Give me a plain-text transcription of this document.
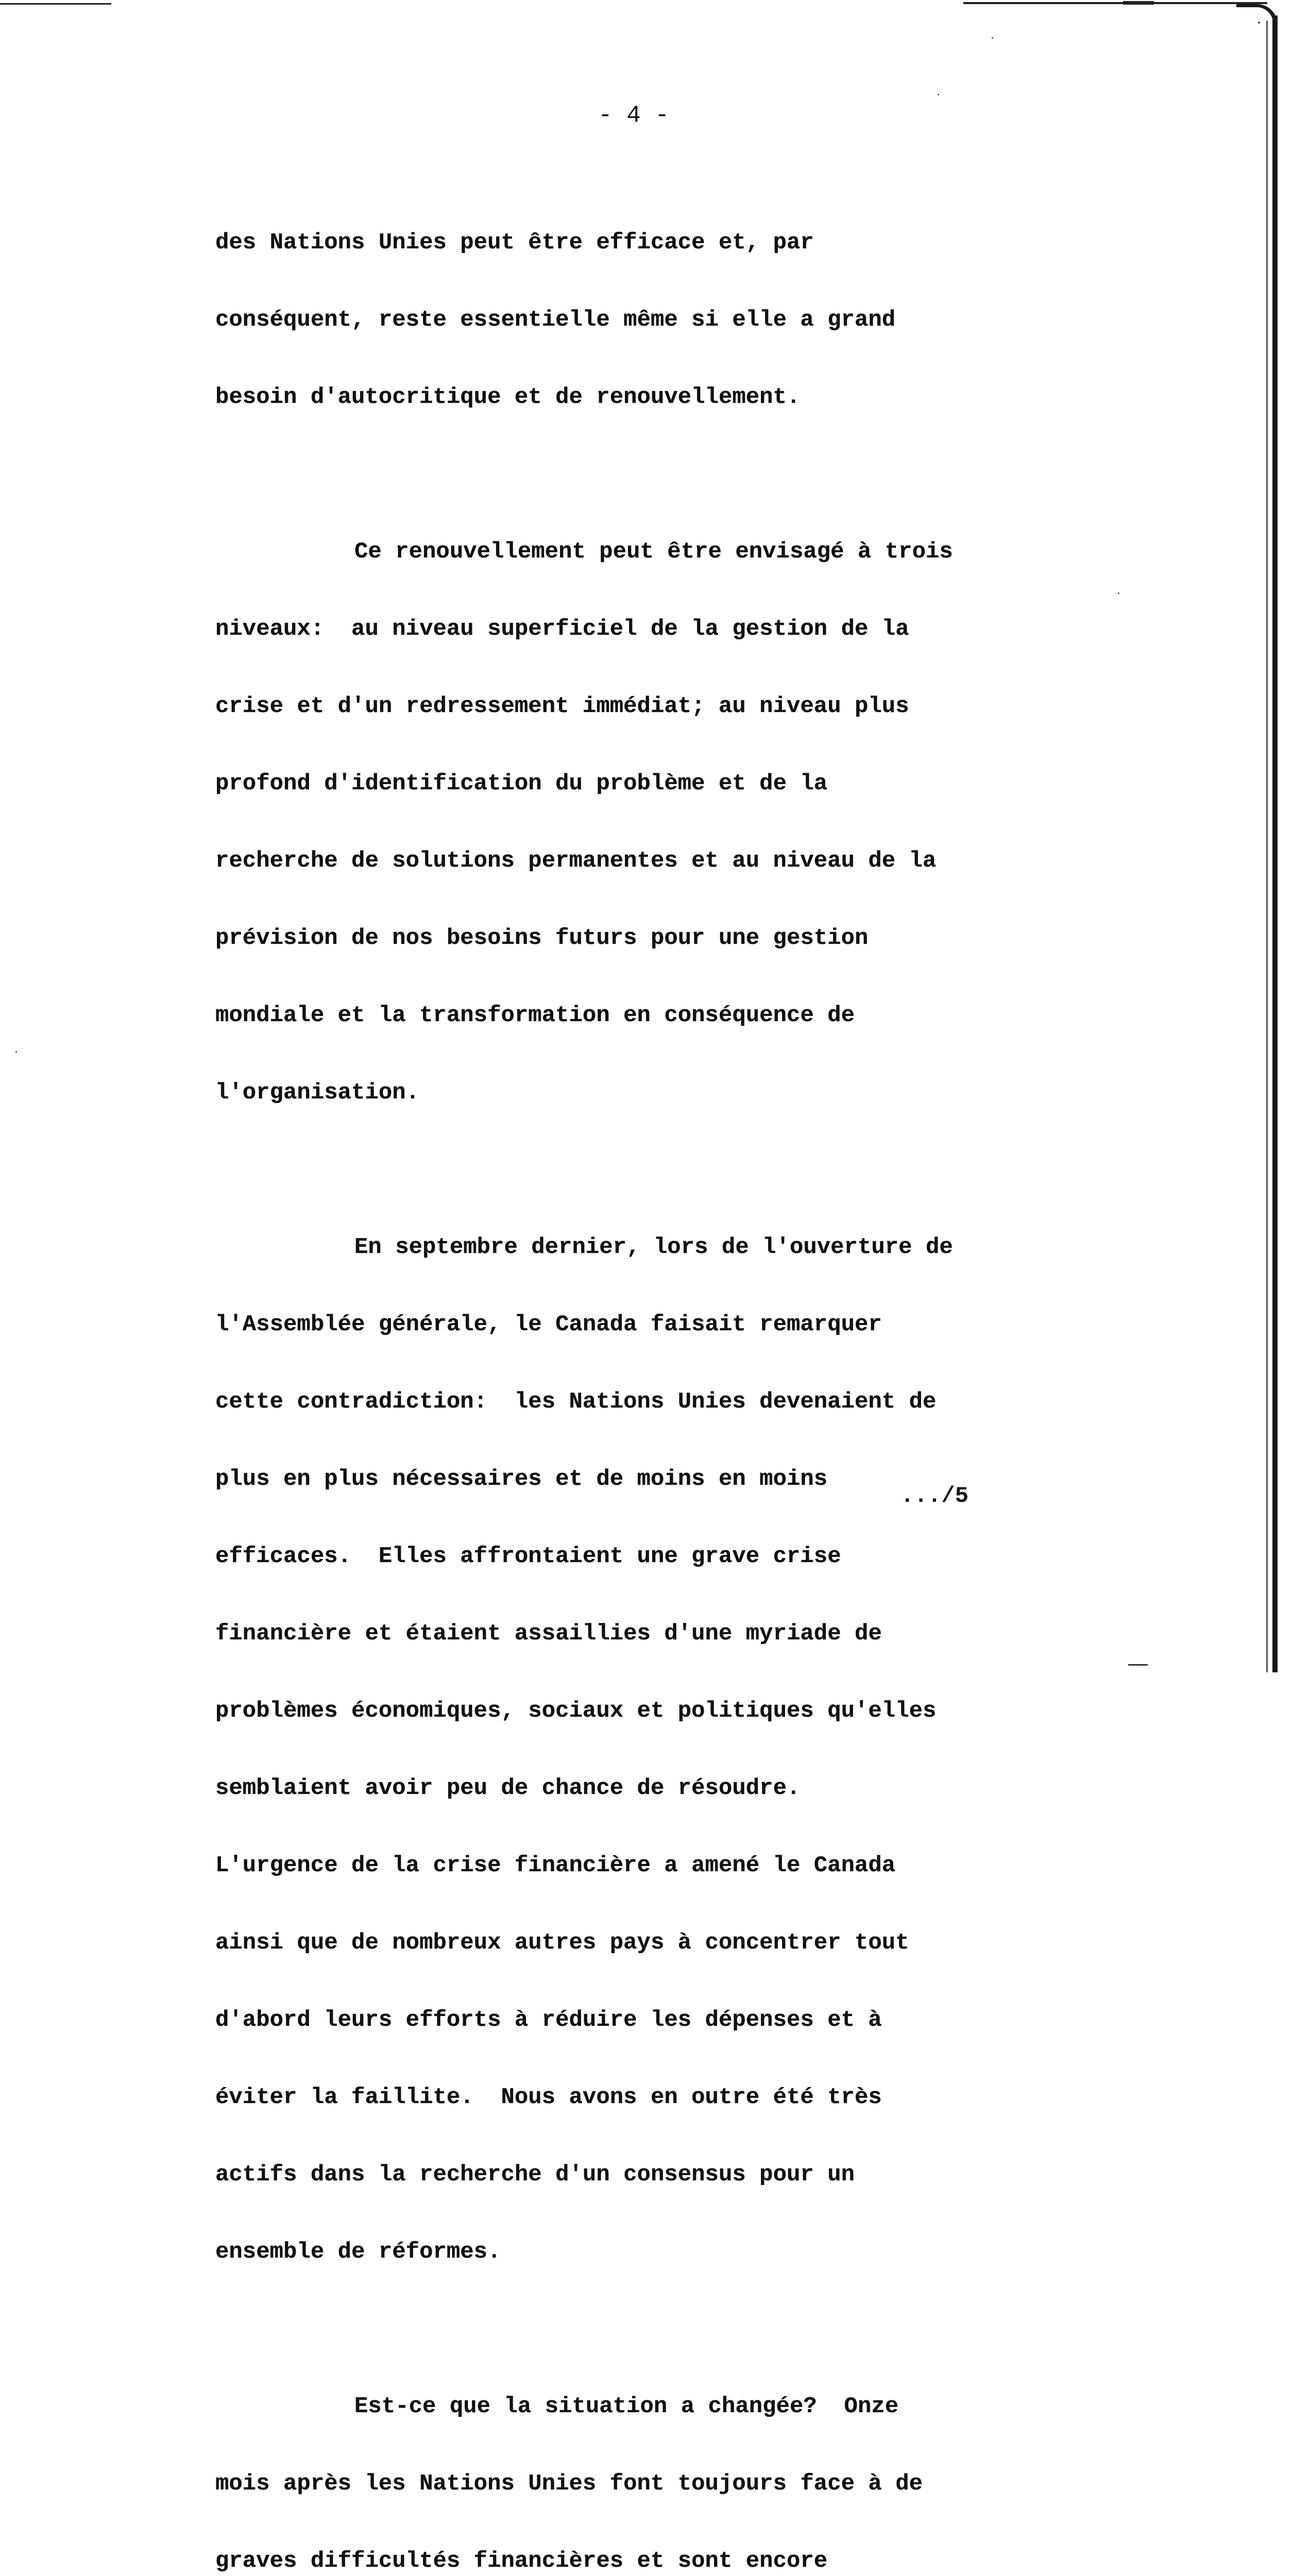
- 4 -

des Nations Unies peut être efficace et, par

conséquent, reste essentielle même si elle a grand

besoin d'autocritique et de renouvellement.

Ce renouvellement peut être envisagé à trois

niveaux:  au niveau superficiel de la gestion de la

crise et d'un redressement immédiat; au niveau plus

profond d'identification du problème et de la

recherche de solutions permanentes et au niveau de la

prévision de nos besoins futurs pour une gestion

mondiale et la transformation en conséquence de

l'organisation.

En septembre dernier, lors de l'ouverture de

l'Assemblée générale, le Canada faisait remarquer

cette contradiction:  les Nations Unies devenaient de

plus en plus nécessaires et de moins en moins

efficaces.  Elles affrontaient une grave crise

financière et étaient assaillies d'une myriade de

problèmes économiques, sociaux et politiques qu'elles

semblaient avoir peu de chance de résoudre.

L'urgence de la crise financière a amené le Canada

ainsi que de nombreux autres pays à concentrer tout

d'abord leurs efforts à réduire les dépenses et à

éviter la faillite.  Nous avons en outre été très

actifs dans la recherche d'un consensus pour un

ensemble de réformes.

Est-ce que la situation a changée?  Onze

mois après les Nations Unies font toujours face à de

graves difficultés financières et sont encore

.../5
